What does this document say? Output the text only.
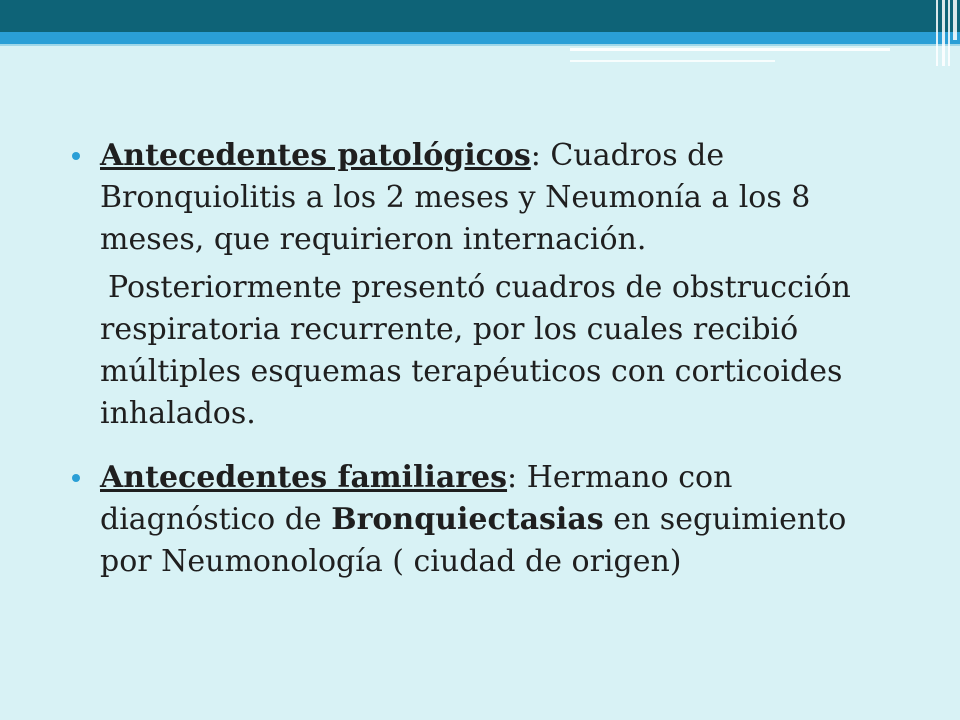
Antecedentes patológicos: Cuadros de Bronquiolitis a los 2 meses y Neumonía a los 8 meses, que requirieron internación.

Posteriormente presentó cuadros de obstrucción respiratoria recurrente, por los cuales recibió múltiples esquemas terapéuticos con corticoides inhalados.

Antecedentes familiares: Hermano con diagnóstico de Bronquiectasias en seguimiento por Neumonología ( ciudad de origen)
